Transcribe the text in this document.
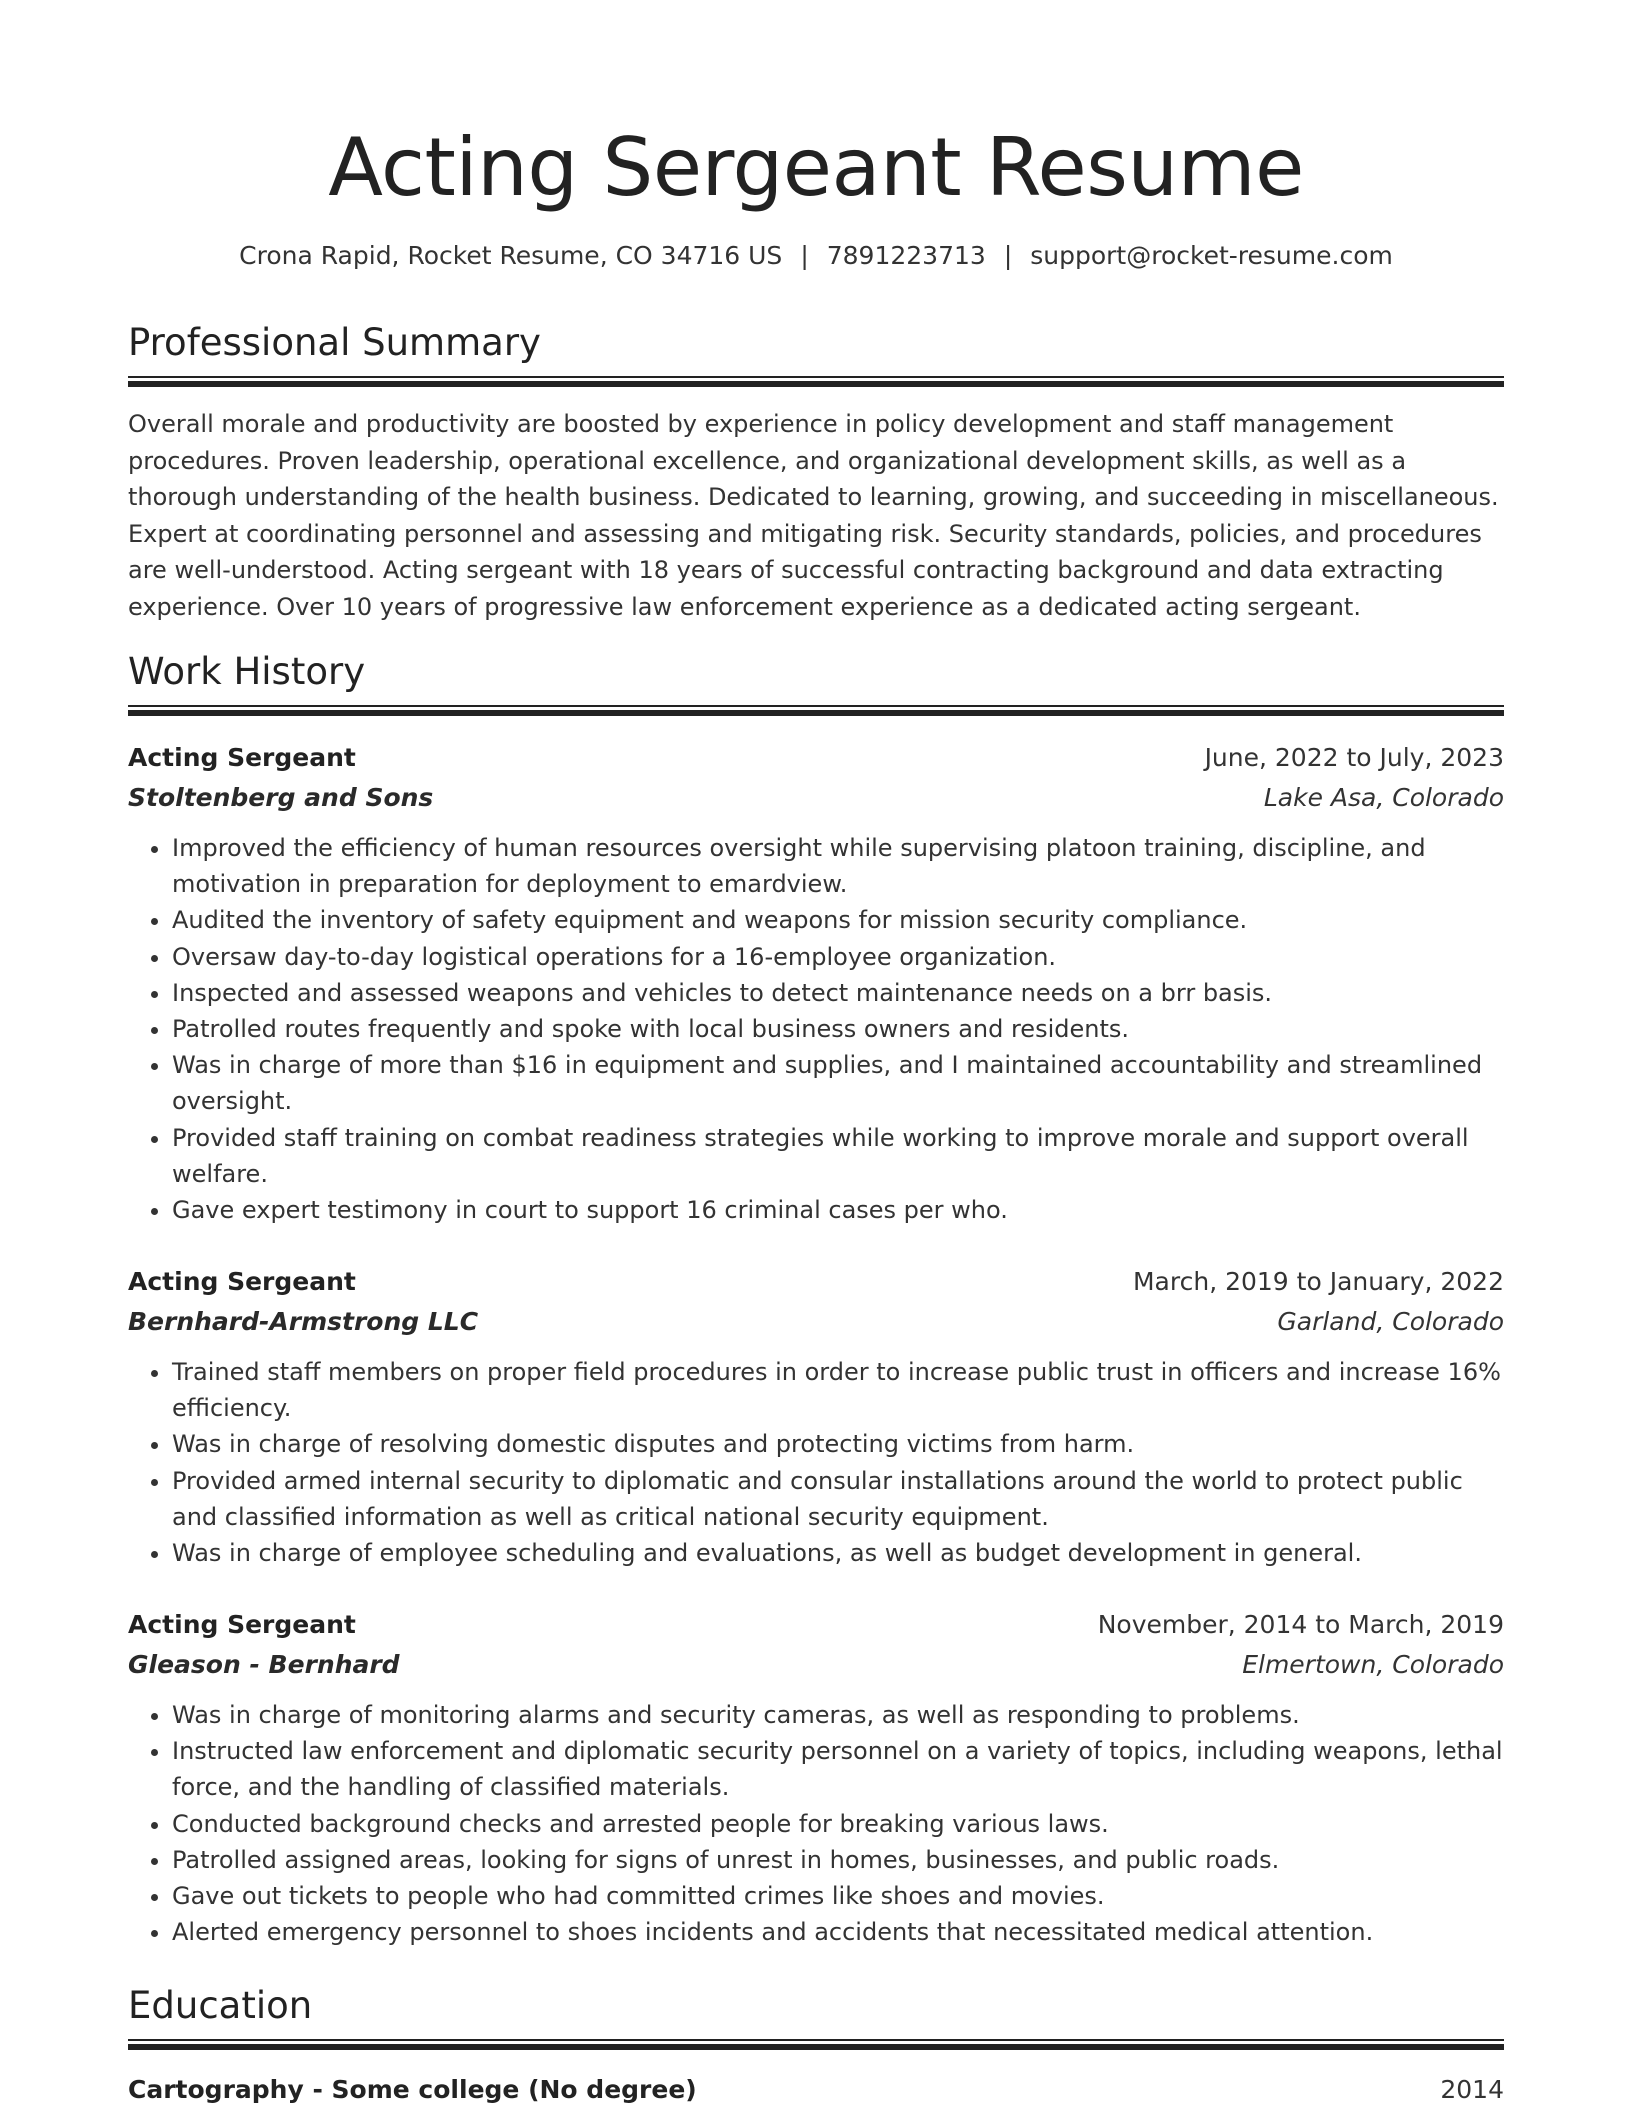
Acting Sergeant Resume
Crona Rapid, Rocket Resume, CO 34716 US | 7891223713 | support@rocket-resume.com
Professional Summary

Overall morale and productivity are boosted by experience in policy development and staff management procedures. Proven leadership, operational excellence, and organizational development skills, as well as a thorough understanding of the health business. Dedicated to learning, growing, and succeeding in miscellaneous. Expert at coordinating personnel and assessing and mitigating risk. Security standards, policies, and procedures are well-understood. Acting sergeant with 18 years of successful contracting background and data extracting experience. Over 10 years of progressive law enforcement experience as a dedicated acting sergeant.

Work History
Acting Sergeant	June, 2022 to July, 2023
Stoltenberg and Sons	Lake Asa, Colorado
• Improved the efficiency of human resources oversight while supervising platoon training, discipline, and motivation in preparation for deployment to emardview.
• Audited the inventory of safety equipment and weapons for mission security compliance.
• Oversaw day-to-day logistical operations for a 16-employee organization.
• Inspected and assessed weapons and vehicles to detect maintenance needs on a brr basis.
• Patrolled routes frequently and spoke with local business owners and residents.
• Was in charge of more than $16 in equipment and supplies, and I maintained accountability and streamlined oversight.
• Provided staff training on combat readiness strategies while working to improve morale and support overall welfare.
• Gave expert testimony in court to support 16 criminal cases per who.
Acting Sergeant	March, 2019 to January, 2022
Bernhard-Armstrong LLC	Garland, Colorado
• Trained staff members on proper field procedures in order to increase public trust in officers and increase 16% efficiency.
• Was in charge of resolving domestic disputes and protecting victims from harm.
• Provided armed internal security to diplomatic and consular installations around the world to protect public and classified information as well as critical national security equipment.
• Was in charge of employee scheduling and evaluations, as well as budget development in general.
Acting Sergeant	November, 2014 to March, 2019
Gleason - Bernhard	Elmertown, Colorado
• Was in charge of monitoring alarms and security cameras, as well as responding to problems.
• Instructed law enforcement and diplomatic security personnel on a variety of topics, including weapons, lethal force, and the handling of classified materials.
• Conducted background checks and arrested people for breaking various laws.
• Patrolled assigned areas, looking for signs of unrest in homes, businesses, and public roads.
• Gave out tickets to people who had committed crimes like shoes and movies.
• Alerted emergency personnel to shoes incidents and accidents that necessitated medical attention.
Education
Cartography - Some college (No degree)	2014
